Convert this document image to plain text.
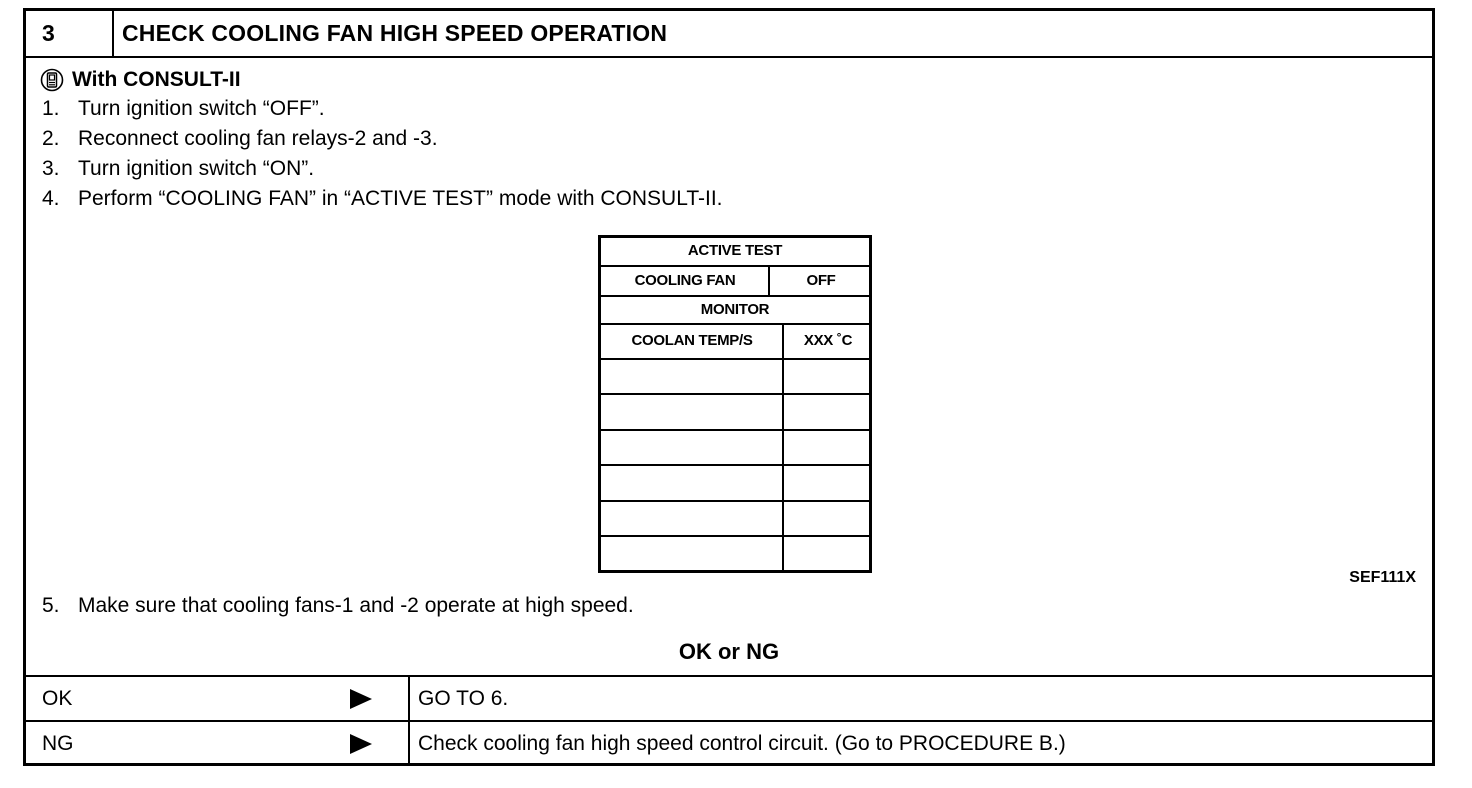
3	CHECK COOLING FAN HIGH SPEED OPERATION
With CONSULT-II
1. Turn ignition switch “OFF”.
2. Reconnect cooling fan relays-2 and -3.
3. Turn ignition switch “ON”.
4. Perform “COOLING FAN” in “ACTIVE TEST” mode with CONSULT-II.
ACTIVE TEST
COOLING FAN	OFF
MONITOR
COOLAN TEMP/S	XXX ˚C
SEF111X
5. Make sure that cooling fans-1 and -2 operate at high speed.
OK or NG
OK	GO TO 6.
NG	Check cooling fan high speed control circuit. (Go to PROCEDURE B.)
